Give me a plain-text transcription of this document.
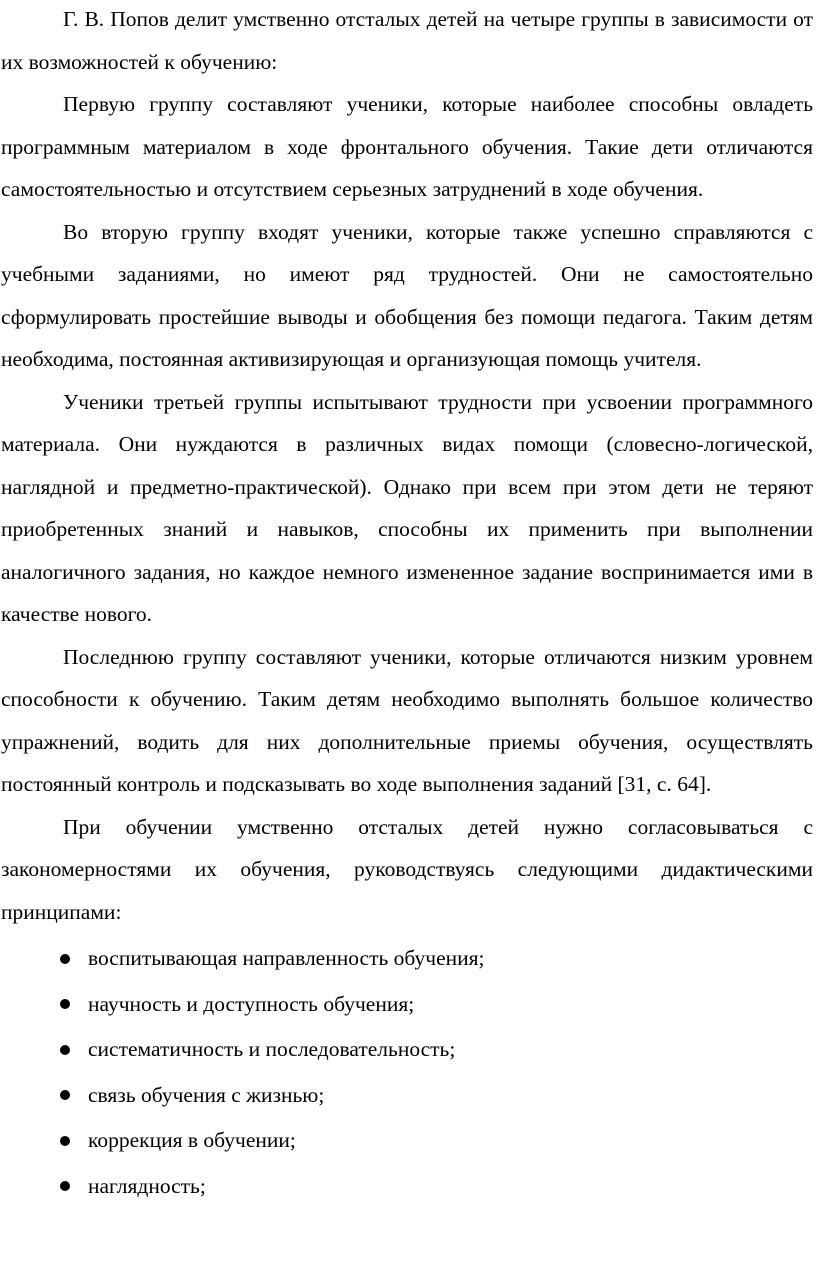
Г. В. Попов делит умственно отсталых детей на четыре группы в зависимости от их возможностей к обучению:

Первую группу составляют ученики, которые наиболее способны овладеть программным материалом в ходе фронтального обучения. Такие дети отличаются самостоятельностью и отсутствием серьезных затруднений в ходе обучения.

Во вторую группу входят ученики, которые также успешно справляются с учебными заданиями, но имеют ряд трудностей. Они не самостоятельно сформулировать простейшие выводы и обобщения без помощи педагога. Таким детям необходима, постоянная активизирующая и организующая помощь учителя.

Ученики третьей группы испытывают трудности при усвоении программного материала. Они нуждаются в различных видах помощи (словесно-логической, наглядной и предметно-практической). Однако при всем при этом дети не теряют приобретенных знаний и навыков, способны их применить при выполнении аналогичного задания, но каждое немного измененное задание воспринимается ими в качестве нового.

Последнюю группу составляют ученики, которые отличаются низким уровнем способности к обучению. Таким детям необходимо выполнять большое количество упражнений, водить для них дополнительные приемы обучения, осуществлять постоянный контроль и подсказывать во ходе выполнения заданий [31, с. 64].

При обучении умственно отсталых детей нужно согласовываться с закономерностями их обучения, руководствуясь следующими дидактическими принципами:

воспитывающая направленность обучения;
научность и доступность обучения;
систематичность и последовательность;
связь обучения с жизнью;
коррекция в обучении;
наглядность;
